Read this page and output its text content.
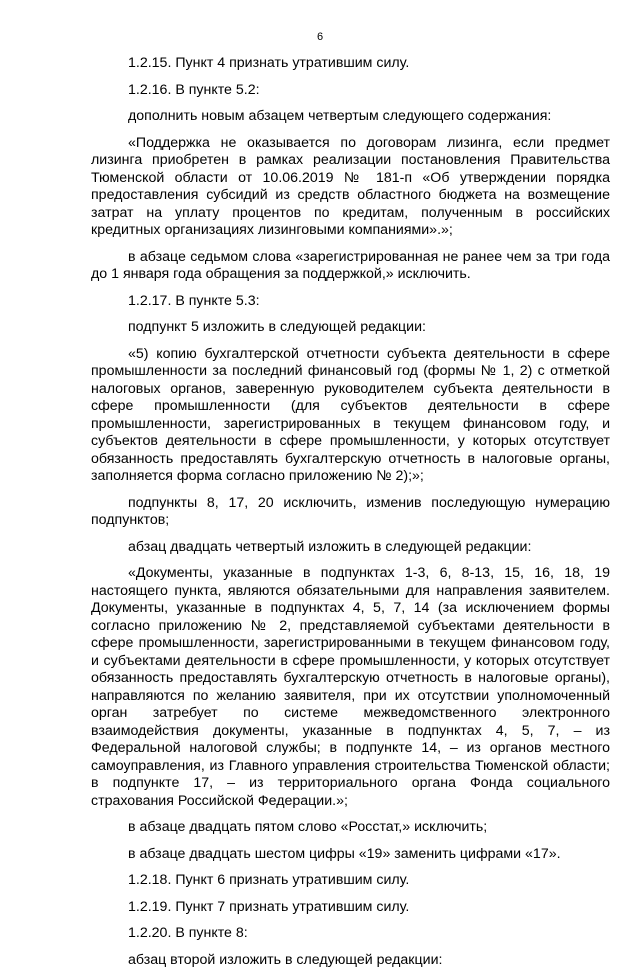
6

1.2.15. Пункт 4 признать утратившим силу.

1.2.16. В пункте 5.2:

дополнить новым абзацем четвертым следующего содержания:

«Поддержка не оказывается по договорам лизинга, если предмет лизинга приобретен в рамках реализации постановления Правительства Тюменской области от 10.06.2019 № 181-п «Об утверждении порядка предоставления субсидий из средств областного бюджета на возмещение затрат на уплату процентов по кредитам, полученным в российских кредитных организациях лизинговыми компаниями».»;

в абзаце седьмом слова «зарегистрированная не ранее чем за три года до 1 января года обращения за поддержкой,» исключить.

1.2.17. В пункте 5.3:

подпункт 5 изложить в следующей редакции:

«5) копию бухгалтерской отчетности субъекта деятельности в сфере промышленности за последний финансовый год (формы № 1, 2) с отметкой налоговых органов, заверенную руководителем субъекта деятельности в сфере промышленности (для субъектов деятельности в сфере промышленности, зарегистрированных в текущем финансовом году, и субъектов деятельности в сфере промышленности, у которых отсутствует обязанность предоставлять бухгалтерскую отчетность в налоговые органы, заполняется форма согласно приложению № 2);»;

подпункты 8, 17, 20 исключить, изменив последующую нумерацию подпунктов;

абзац двадцать четвертый изложить в следующей редакции:

«Документы, указанные в подпунктах 1-3, 6, 8-13, 15, 16, 18, 19 настоящего пункта, являются обязательными для направления заявителем. Документы, указанные в подпунктах 4, 5, 7, 14 (за исключением формы согласно приложению № 2, представляемой субъектами деятельности в сфере промышленности, зарегистрированными в текущем финансовом году, и субъектами деятельности в сфере промышленности, у которых отсутствует обязанность предоставлять бухгалтерскую отчетность в налоговые органы), направляются по желанию заявителя, при их отсутствии уполномоченный орган затребует по системе межведомственного электронного взаимодействия документы, указанные в подпунктах 4, 5, 7, – из Федеральной налоговой службы; в подпункте 14, – из органов местного самоуправления, из Главного управления строительства Тюменской области; в подпункте 17, – из территориального органа Фонда социального страхования Российской Федерации.»;

в абзаце двадцать пятом слово «Росстат,» исключить;

в абзаце двадцать шестом цифры «19» заменить цифрами «17».

1.2.18. Пункт 6 признать утратившим силу.

1.2.19. Пункт 7 признать утратившим силу.

1.2.20. В пункте 8:

абзац второй изложить в следующей редакции:
